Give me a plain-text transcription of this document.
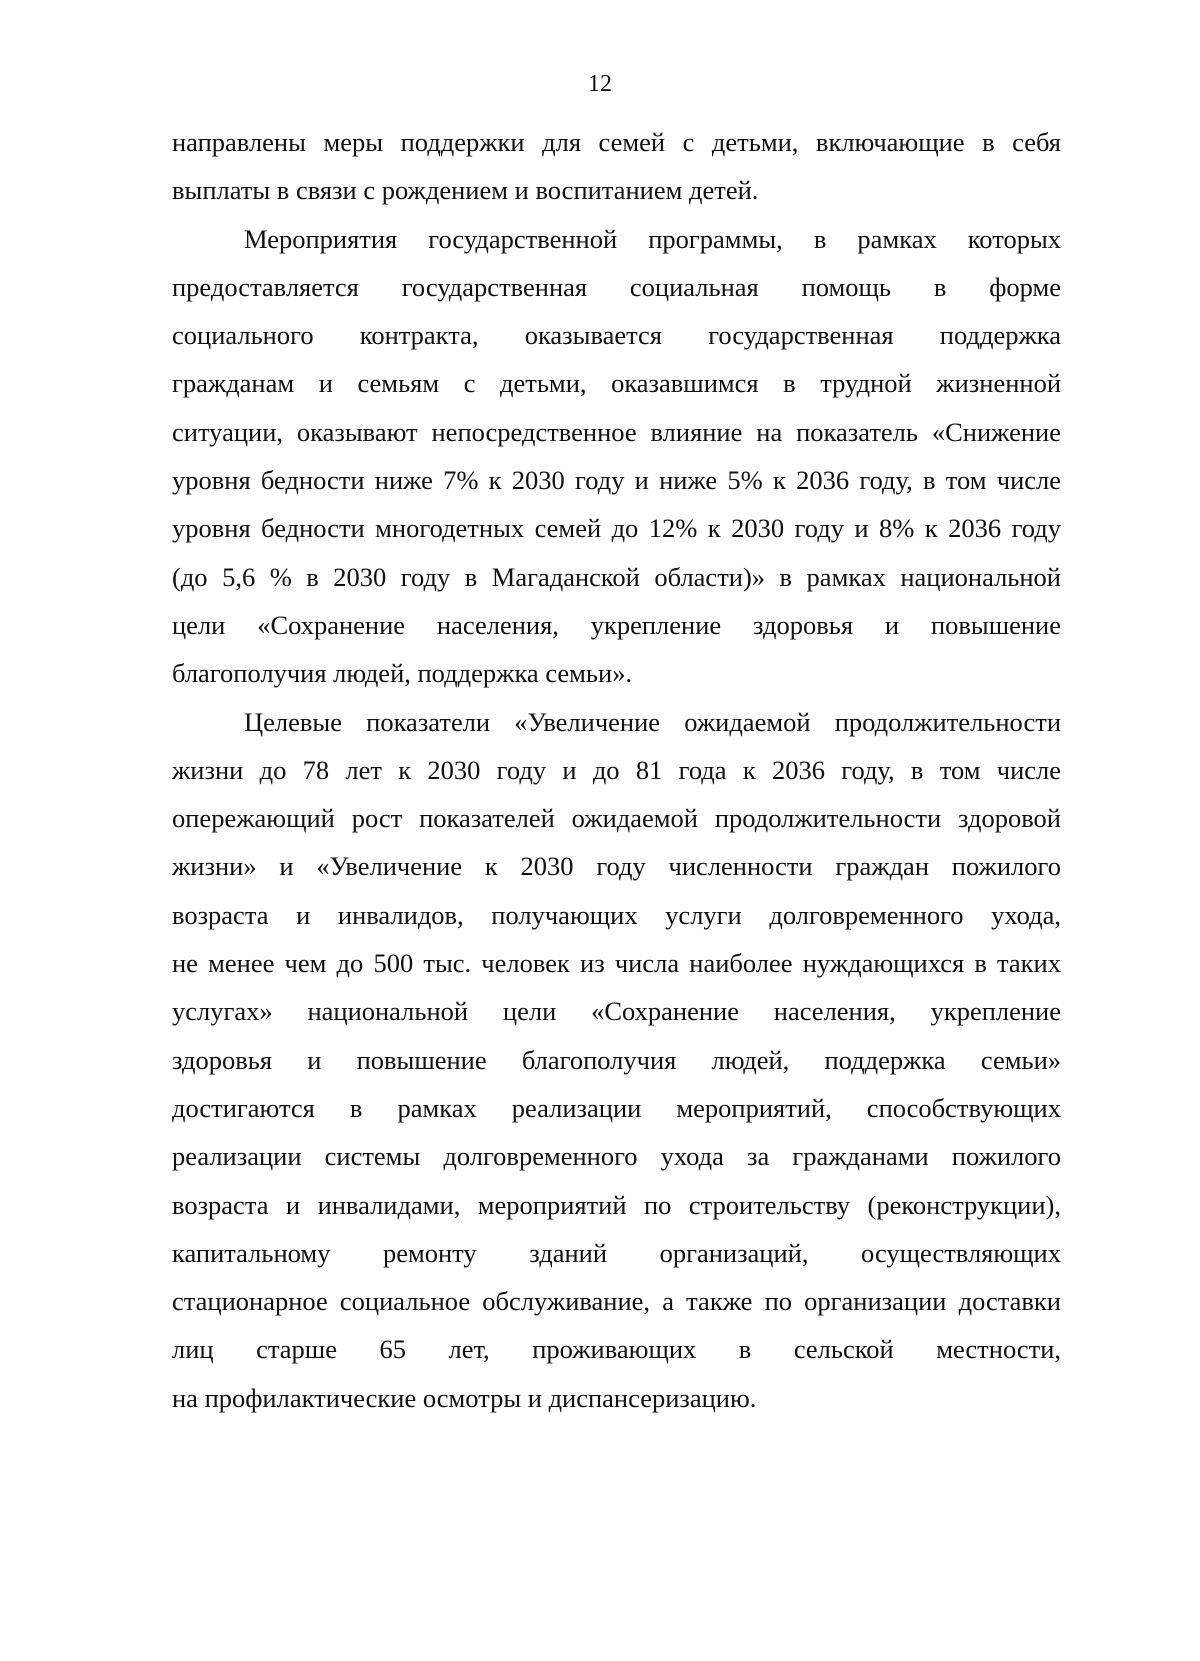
12
направлены меры поддержки для семей с детьми, включающие в себя
выплаты в связи с рождением и воспитанием детей.
Мероприятия государственной программы, в рамках которых
предоставляется государственная социальная помощь в форме
социального контракта, оказывается государственная поддержка
гражданам и семьям с детьми, оказавшимся в трудной жизненной
ситуации, оказывают непосредственное влияние на показатель «Снижение
уровня бедности ниже 7% к 2030 году и ниже 5% к 2036 году, в том числе
уровня бедности многодетных семей до 12% к 2030 году и 8% к 2036 году
(до 5,6 % в 2030 году в Магаданской области)» в рамках национальной
цели «Сохранение населения, укрепление здоровья и повышение
благополучия людей, поддержка семьи».
Целевые показатели «Увеличение ожидаемой продолжительности
жизни до 78 лет к 2030 году и до 81 года к 2036 году, в том числе
опережающий рост показателей ожидаемой продолжительности здоровой
жизни» и «Увеличение к 2030 году численности граждан пожилого
возраста и инвалидов, получающих услуги долговременного ухода,
не менее чем до 500 тыс. человек из числа наиболее нуждающихся в таких
услугах» национальной цели «Сохранение населения, укрепление
здоровья и повышение благополучия людей, поддержка семьи»
достигаются в рамках реализации мероприятий, способствующих
реализации системы долговременного ухода за гражданами пожилого
возраста и инвалидами, мероприятий по строительству (реконструкции),
капитальному ремонту зданий организаций, осуществляющих
стационарное социальное обслуживание, а также по организации доставки
лиц старше 65 лет, проживающих в сельской местности,
на профилактические осмотры и диспансеризацию.
